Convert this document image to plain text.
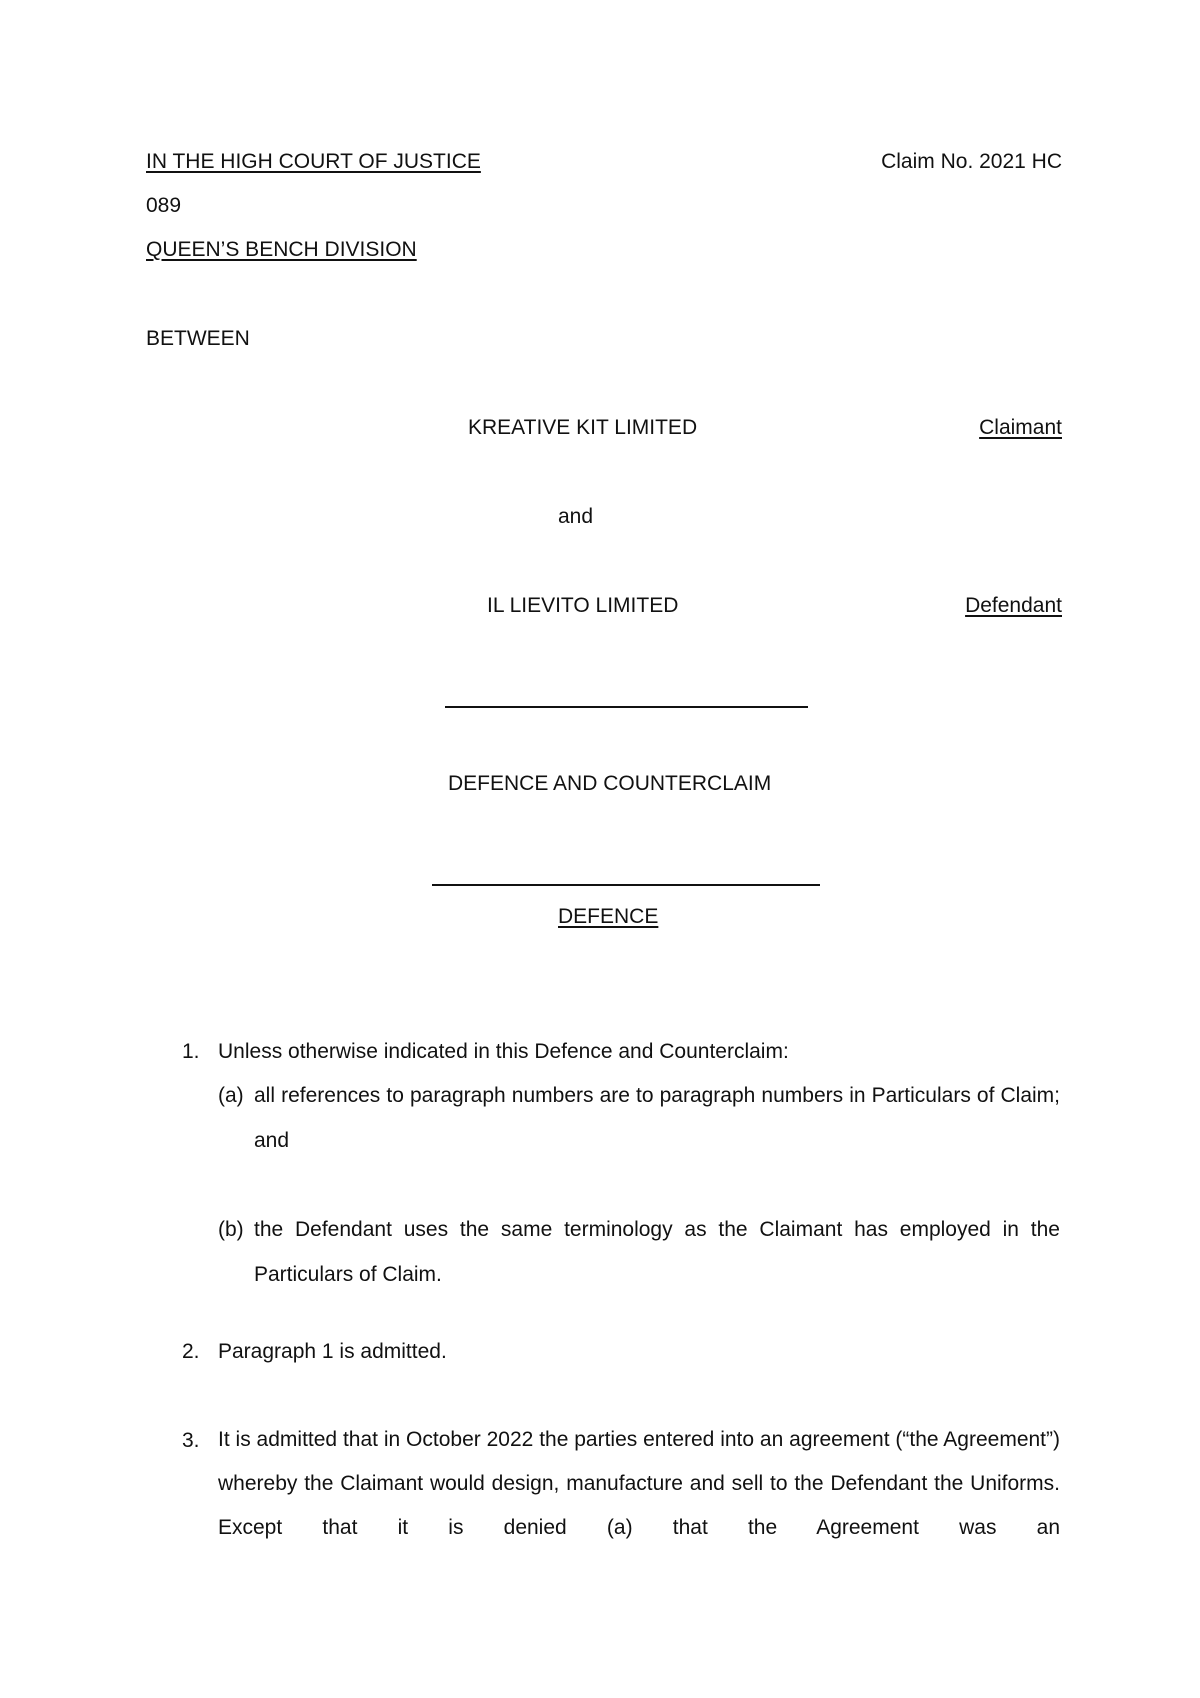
IN THE HIGH COURT OF JUSTICE	Claim No. 2021 HC
089
QUEEN’S BENCH DIVISION
BETWEEN
KREATIVE KIT LIMITED	Claimant
and
IL LIEVITO LIMITED	Defendant
DEFENCE AND COUNTERCLAIM
DEFENCE
1. Unless otherwise indicated in this Defence and Counterclaim:
(a) all references to paragraph numbers are to paragraph numbers in Particulars of Claim; and
(b) the Defendant uses the same terminology as the Claimant has employed in the Particulars of Claim.
2. Paragraph 1 is admitted.
3. It is admitted that in October 2022 the parties entered into an agreement (“the Agreement”) whereby the Claimant would design, manufacture and sell to the Defendant the Uniforms. Except that it is denied (a) that the Agreement was an
